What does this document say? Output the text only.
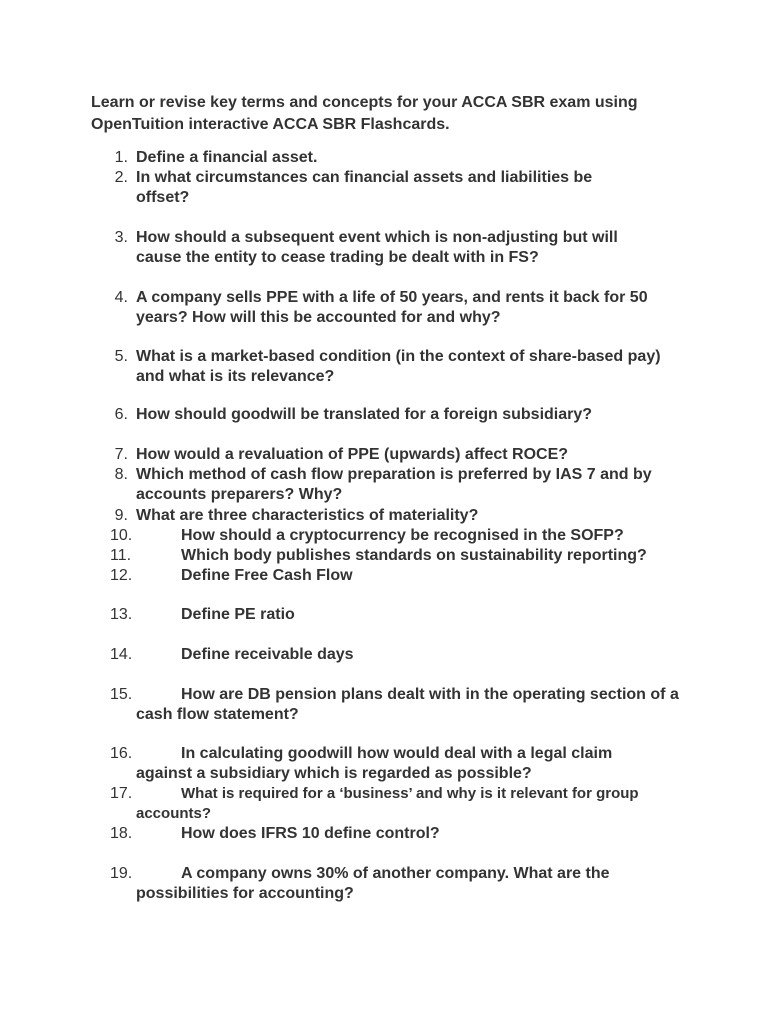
Learn or revise key terms and concepts for your ACCA SBR exam using OpenTuition interactive ACCA SBR Flashcards.

1. Define a financial asset.
2. In what circumstances can financial assets and liabilities be offset?
3. How should a subsequent event which is non-adjusting but will cause the entity to cease trading be dealt with in FS?
4. A company sells PPE with a life of 50 years, and rents it back for 50 years? How will this be accounted for and why?
5. What is a market-based condition (in the context of share-based pay) and what is its relevance?
6. How should goodwill be translated for a foreign subsidiary?
7. How would a revaluation of PPE (upwards) affect ROCE?
8. Which method of cash flow preparation is preferred by IAS 7 and by accounts preparers? Why?
9. What are three characteristics of materiality?
10.	How should a cryptocurrency be recognised in the SOFP?
11.	Which body publishes standards on sustainability reporting?
12.	Define Free Cash Flow
13.	Define PE ratio
14.	Define receivable days
15.	How are DB pension plans dealt with in the operating section of a cash flow statement?
16.	In calculating goodwill how would deal with a legal claim against a subsidiary which is regarded as possible?
17.	What is required for a ‘business’ and why is it relevant for group accounts?
18.	How does IFRS 10 define control?
19.	A company owns 30% of another company. What are the possibilities for accounting?
